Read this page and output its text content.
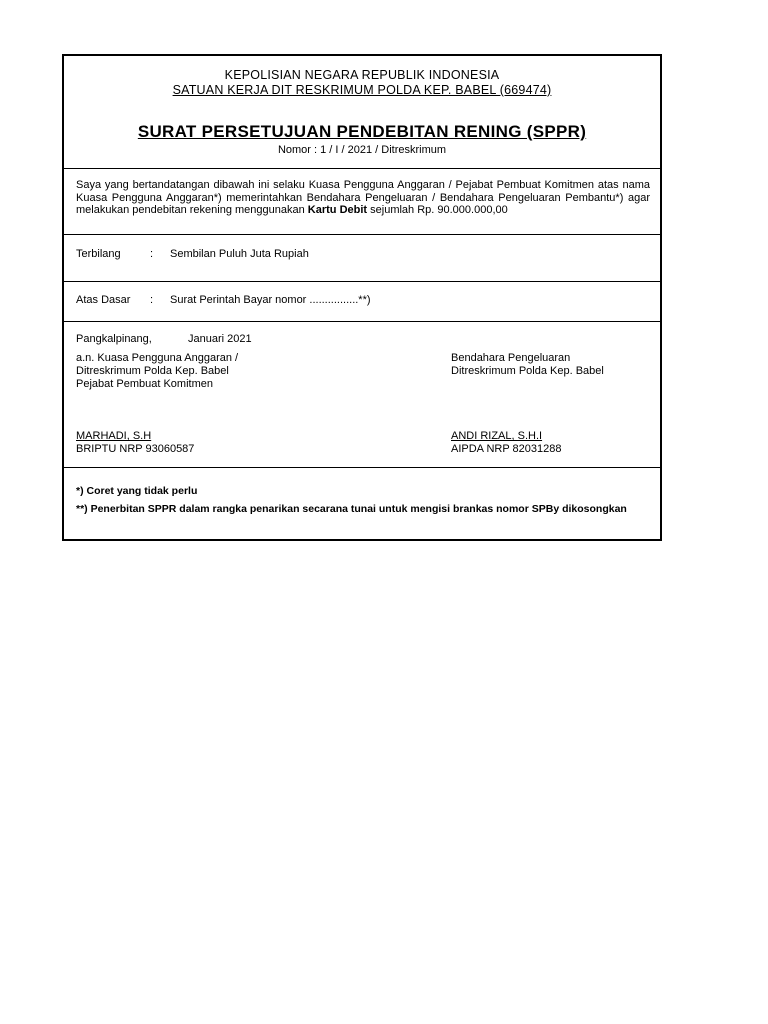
KEPOLISIAN NEGARA REPUBLIK INDONESIA
SATUAN KERJA DIT RESKRIMUM POLDA KEP. BABEL (669474)
SURAT PERSETUJUAN PENDEBITAN RENING (SPPR)
Nomor : 1 / I / 2021 / Ditreskrimum
Saya yang bertandatangan dibawah ini selaku Kuasa Pengguna Anggaran / Pejabat Pembuat Komitmen atas nama Kuasa Pengguna Anggaran*) memerintahkan Bendahara Pengeluaran / Bendahara Pengeluaran Pembantu*) agar melakukan pendebitan rekening menggunakan Kartu Debit sejumlah Rp. 90.000.000,00
Terbilang	: Sembilan Puluh Juta Rupiah
Atas Dasar : Surat Perintah Bayar nomor ................**)
Pangkalpinang,	Januari 2021
a.n. Kuasa Pengguna Anggaran /
Ditreskrimum Polda Kep. Babel
Pejabat Pembuat Komitmen
Bendahara Pengeluaran
Ditreskrimum Polda Kep. Babel
MARHADI, S.H
BRIPTU NRP 93060587
ANDI RIZAL, S.H.I
AIPDA NRP 82031288
*) Coret yang tidak perlu
**) Penerbitan SPPR dalam rangka penarikan secarana tunai untuk mengisi brankas nomor SPBy dikosongkan
